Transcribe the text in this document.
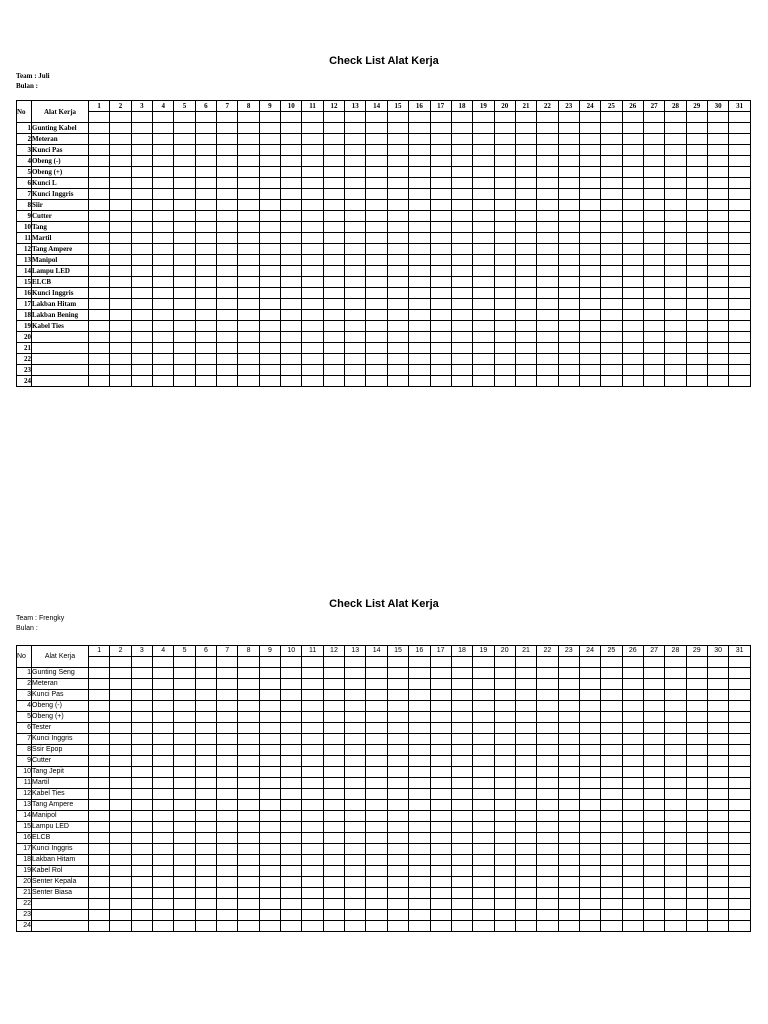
Check List Alat Kerja
Team : Juli
Bulan :
No	Alat Kerja	1	2	3	4	5	6	7	8	9	10	11	12	13	14	15	16	17	18	19	20	21	22	23	24	25	26	27	28	29	30	31

1	Gunting Kabel																															
2	Meteran																															
3	Kunci Pas																															
4	Obeng (-)																															
5	Obeng (+)																															
6	Kunci L																															
7	Kunci Inggris																															
8	Siir																															
9	Cutter																															
10	Tang																															
11	Martil																															
12	Tang Ampere																															
13	Manipol																															
14	Lampu LED																															
15	ELCB																															
16	Kunci Inggris																															
17	Lakban Hitam																															
18	Lakban Bening																															
19	Kabel Ties																															
20																																
21																																
22																																
23																																
24																																
Check List Alat Kerja
Team : Frengky
Bulan :
No	Alat Kerja	1	2	3	4	5	6	7	8	9	10	11	12	13	14	15	16	17	18	19	20	21	22	23	24	25	26	27	28	29	30	31

1	Gunting Seng																															
2	Meteran																															
3	Kunci Pas																															
4	Obeng (-)																															
5	Obeng (+)																															
6	Tester																															
7	Kunci Inggris																															
8	Ssir Epop																															
9	Cutter																															
10	Tang Jepit																															
11	Martil																															
12	Kabel Ties																															
13	Tang Ampere																															
14	Manipol																															
15	Lampu LED																															
16	ELCB																															
17	Kunci Inggris																															
18	Lakban Hitam																															
19	Kabel Rol																															
20	Senter Kepala																															
21	Senter Biasa																															
22																																
23																																
24																																
